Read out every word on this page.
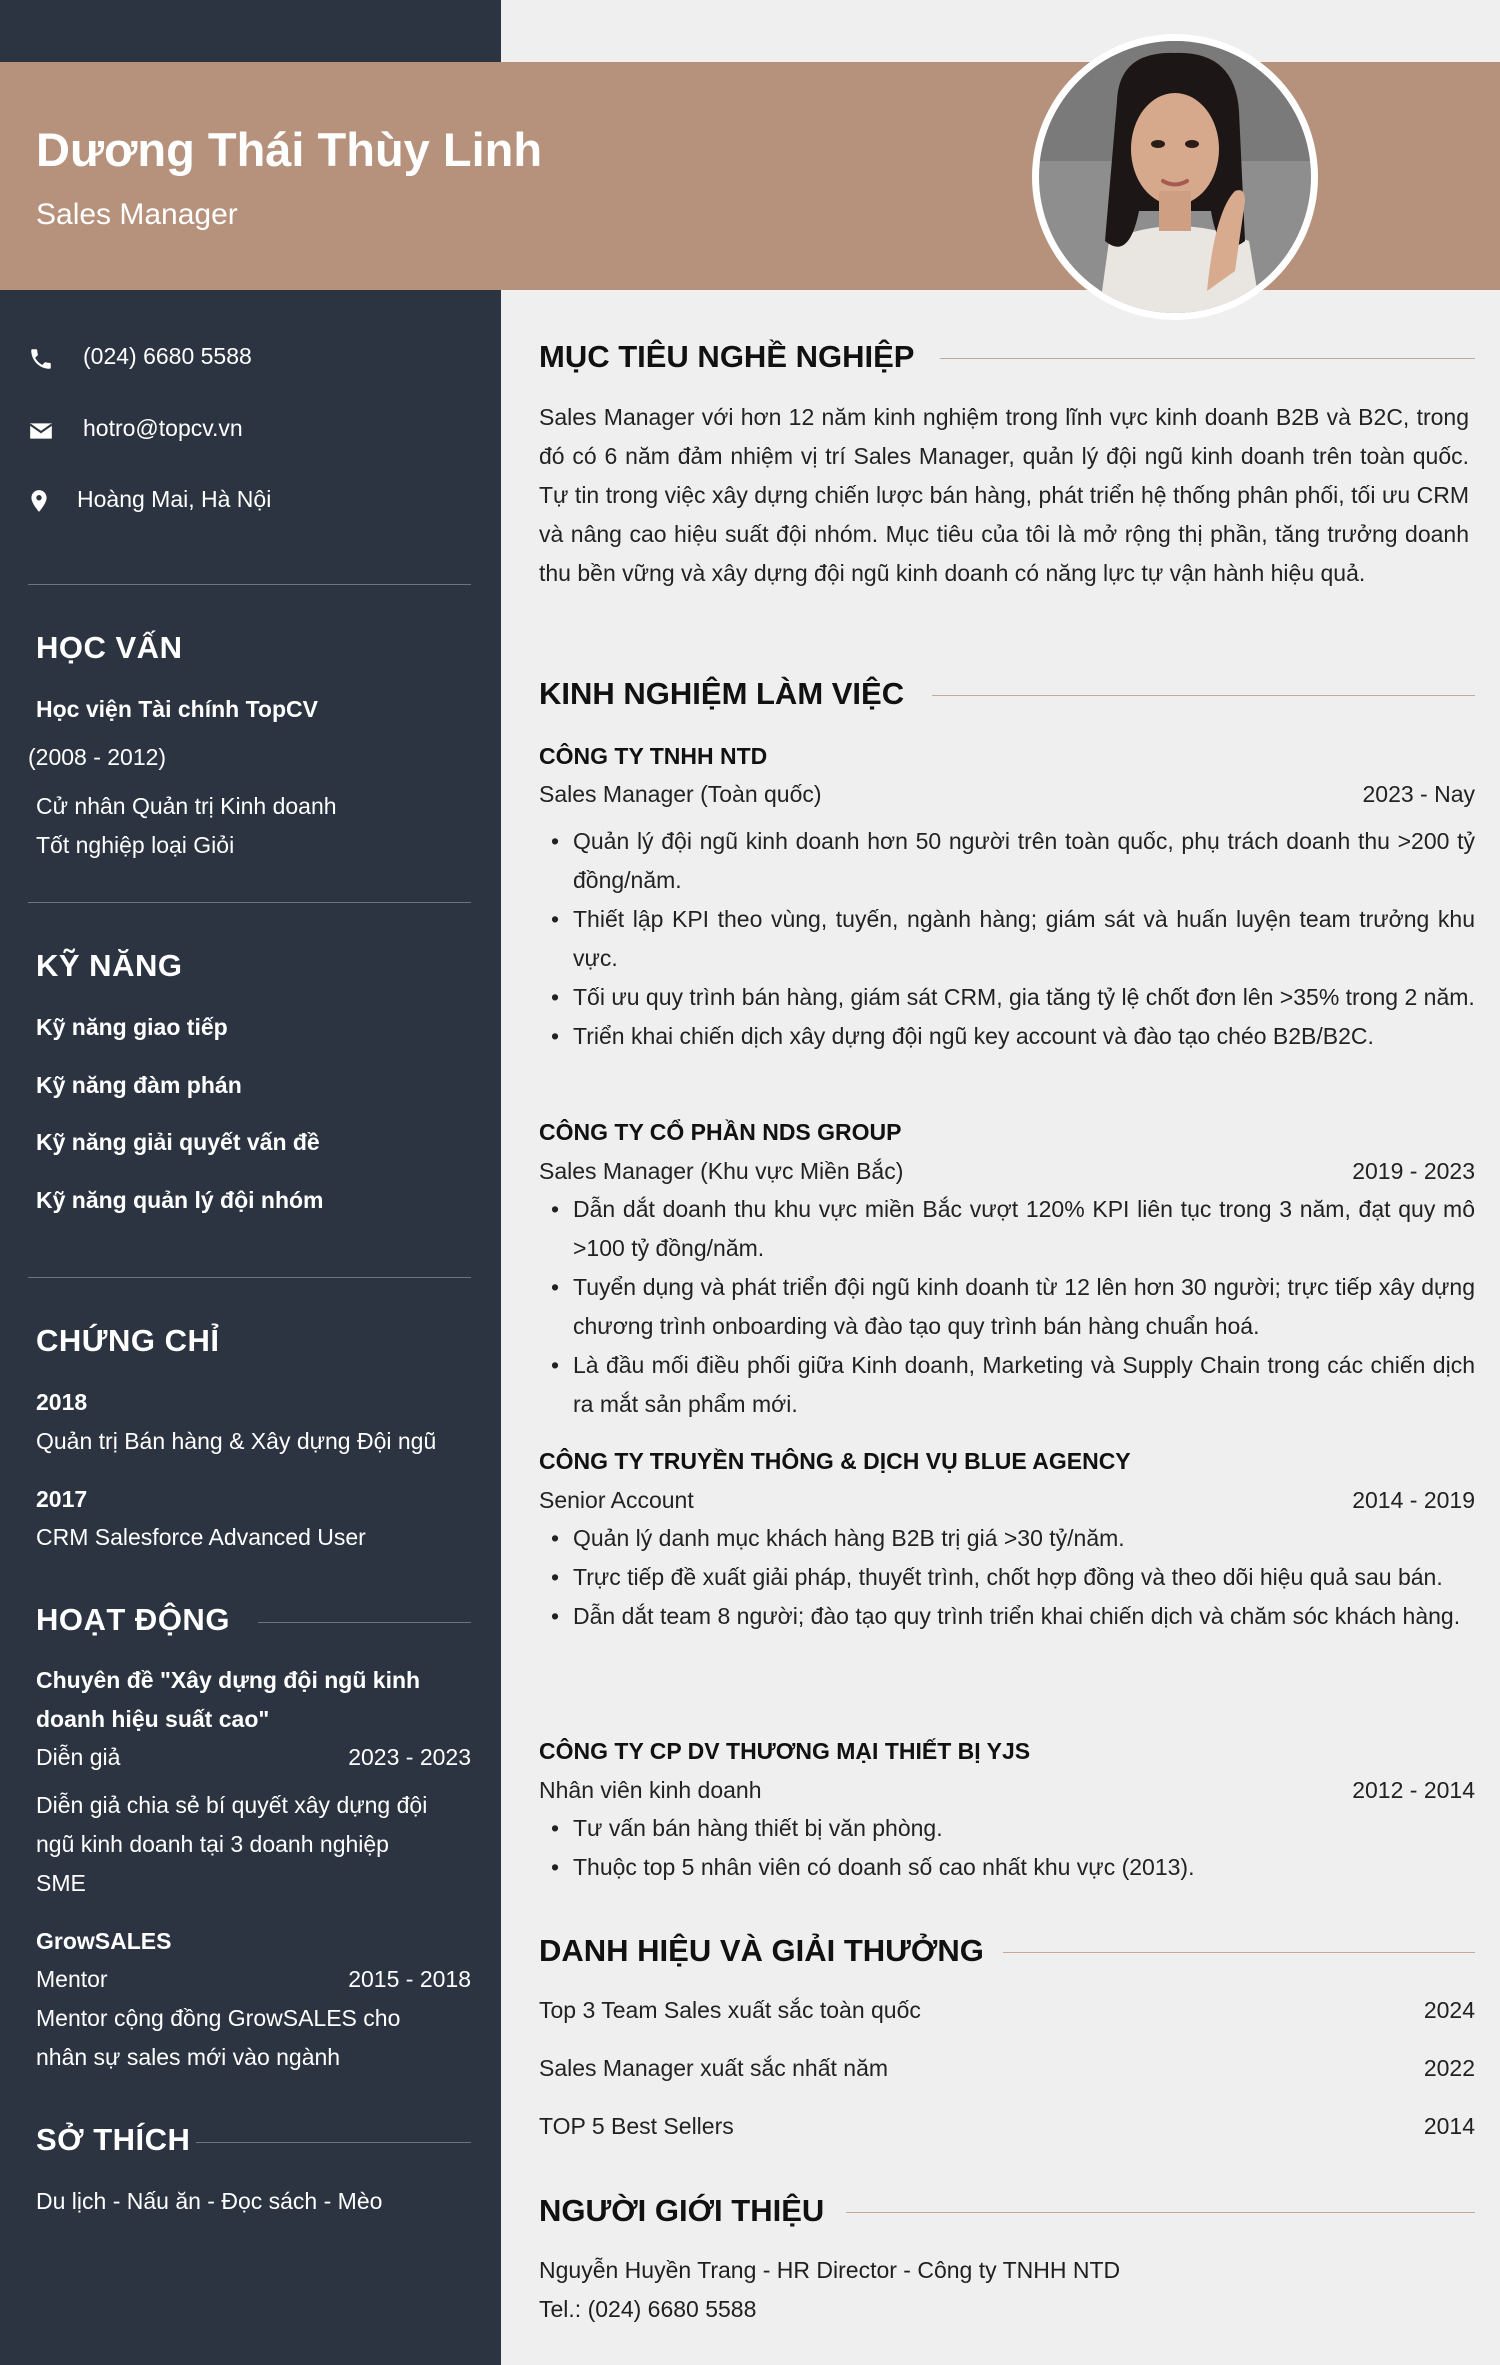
Dương Thái Thùy Linh
Sales Manager
(024) 6680 5588
hotro@topcv.vn
Hoàng Mai, Hà Nội
HỌC VẤN
Học viện Tài chính TopCV
(2008 - 2012)
Cử nhân Quản trị Kinh doanh
Tốt nghiệp loại Giỏi
KỸ NĂNG
Kỹ năng giao tiếp
Kỹ năng đàm phán
Kỹ năng giải quyết vấn đề
Kỹ năng quản lý đội nhóm
CHỨNG CHỈ
2018
Quản trị Bán hàng & Xây dựng Đội ngũ
2017
CRM Salesforce Advanced User
HOẠT ĐỘNG
Chuyên đề "Xây dựng đội ngũ kinh
doanh hiệu suất cao"
Diễn giả	2023 - 2023
Diễn giả chia sẻ bí quyết xây dựng đội
ngũ kinh doanh tại 3 doanh nghiệp
SME
GrowSALES
Mentor	2015 - 2018
Mentor cộng đồng GrowSALES cho
nhân sự sales mới vào ngành
SỞ THÍCH
Du lịch - Nấu ăn - Đọc sách - Mèo
MỤC TIÊU NGHỀ NGHIỆP
Sales Manager với hơn 12 năm kinh nghiệm trong lĩnh vực kinh doanh B2B và B2C, trong đó có 6 năm đảm nhiệm vị trí Sales Manager, quản lý đội ngũ kinh doanh trên toàn quốc. Tự tin trong việc xây dựng chiến lược bán hàng, phát triển hệ thống phân phối, tối ưu CRM và nâng cao hiệu suất đội nhóm. Mục tiêu của tôi là mở rộng thị phần, tăng trưởng doanh thu bền vững và xây dựng đội ngũ kinh doanh có năng lực tự vận hành hiệu quả.
KINH NGHIỆM LÀM VIỆC
CÔNG TY TNHH NTD
Sales Manager (Toàn quốc)	2023 - Nay
• Quản lý đội ngũ kinh doanh hơn 50 người trên toàn quốc, phụ trách doanh thu >200 tỷ đồng/năm.
• Thiết lập KPI theo vùng, tuyến, ngành hàng; giám sát và huấn luyện team trưởng khu vực.
• Tối ưu quy trình bán hàng, giám sát CRM, gia tăng tỷ lệ chốt đơn lên >35% trong 2 năm.
• Triển khai chiến dịch xây dựng đội ngũ key account và đào tạo chéo B2B/B2C.
CÔNG TY CỔ PHẦN NDS GROUP
Sales Manager (Khu vực Miền Bắc)	2019 - 2023
• Dẫn dắt doanh thu khu vực miền Bắc vượt 120% KPI liên tục trong 3 năm, đạt quy mô >100 tỷ đồng/năm.
• Tuyển dụng và phát triển đội ngũ kinh doanh từ 12 lên hơn 30 người; trực tiếp xây dựng chương trình onboarding và đào tạo quy trình bán hàng chuẩn hoá.
• Là đầu mối điều phối giữa Kinh doanh, Marketing và Supply Chain trong các chiến dịch ra mắt sản phẩm mới.
CÔNG TY TRUYỀN THÔNG & DỊCH VỤ BLUE AGENCY
Senior Account	2014 - 2019
• Quản lý danh mục khách hàng B2B trị giá >30 tỷ/năm.
• Trực tiếp đề xuất giải pháp, thuyết trình, chốt hợp đồng và theo dõi hiệu quả sau bán.
• Dẫn dắt team 8 người; đào tạo quy trình triển khai chiến dịch và chăm sóc khách hàng.
CÔNG TY CP DV THƯƠNG MẠI THIẾT BỊ YJS
Nhân viên kinh doanh	2012 - 2014
• Tư vấn bán hàng thiết bị văn phòng.
• Thuộc top 5 nhân viên có doanh số cao nhất khu vực (2013).
DANH HIỆU VÀ GIẢI THƯỞNG
Top 3 Team Sales xuất sắc toàn quốc	2024
Sales Manager xuất sắc nhất năm	2022
TOP 5 Best Sellers	2014
NGƯỜI GIỚI THIỆU
Nguyễn Huyền Trang - HR Director - Công ty TNHH NTD
Tel.: (024) 6680 5588
